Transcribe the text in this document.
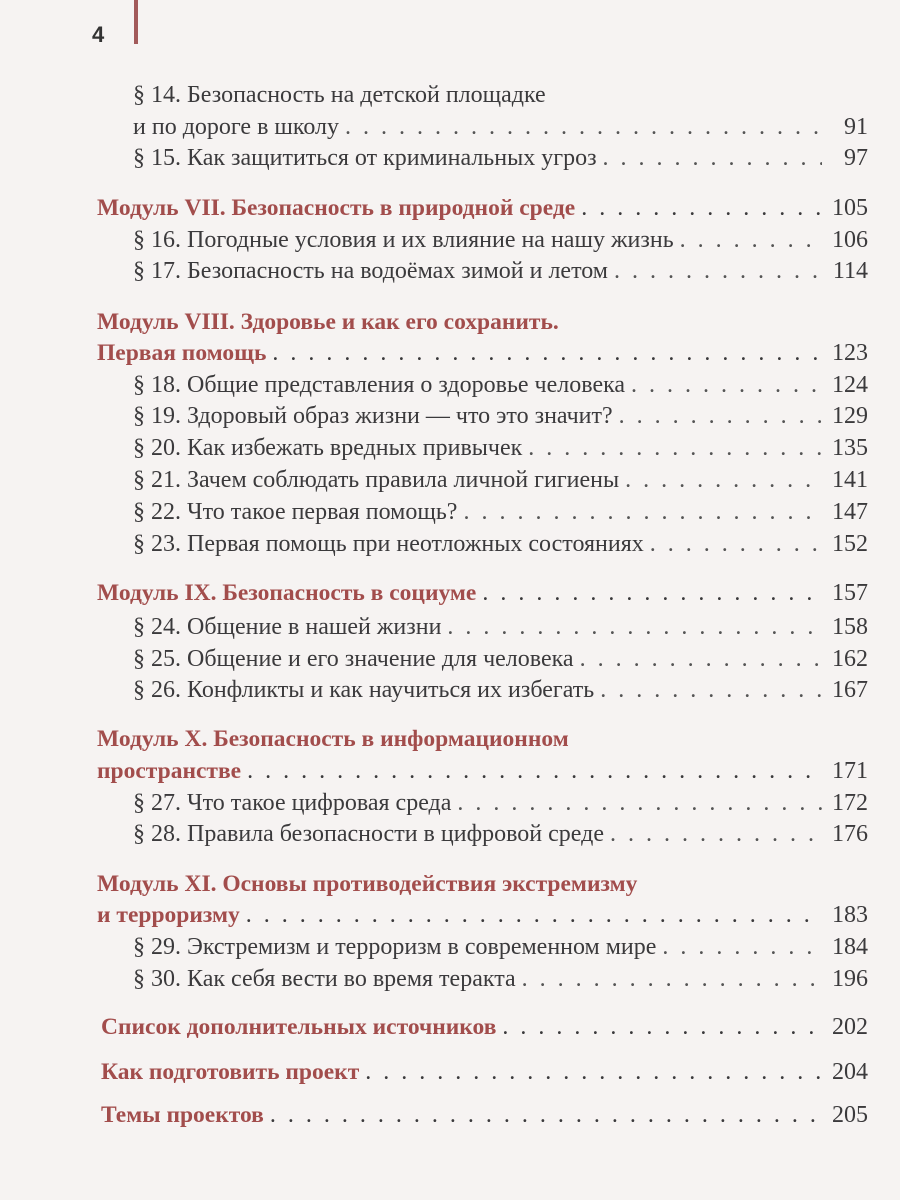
4
§ 14. Безопасность на детской площадке
и по дороге в школу . . .	91
§ 15. Как защититься от криминальных угроз . . .	97
Модуль VII. Безопасность в природной среде . . .	105
§ 16. Погодные условия и их влияние на нашу жизнь . . .	106
§ 17. Безопасность на водоёмах зимой и летом . . .	114
Модуль VIII. Здоровье и как его сохранить.
Первая помощь . . .	123
§ 18. Общие представления о здоровье человека . . .	124
§ 19. Здоровый образ жизни — что это значит? . . .	129
§ 20. Как избежать вредных привычек . . .	135
§ 21. Зачем соблюдать правила личной гигиены . . .	141
§ 22. Что такое первая помощь? . . .	147
§ 23. Первая помощь при неотложных состояниях . . .	152
Модуль IX. Безопасность в социуме . . .	157
§ 24. Общение в нашей жизни . . .	158
§ 25. Общение и его значение для человека . . .	162
§ 26. Конфликты и как научиться их избегать . . .	167
Модуль X. Безопасность в информационном
пространстве . . .	171
§ 27. Что такое цифровая среда . . .	172
§ 28. Правила безопасности в цифровой среде . . .	176
Модуль XI. Основы противодействия экстремизму
и терроризму . . .	183
§ 29. Экстремизм и терроризм в современном мире . . .	184
§ 30. Как себя вести во время теракта . . .	196
Список дополнительных источников . . .	202
Как подготовить проект . . .	204
Темы проектов . . .	205
